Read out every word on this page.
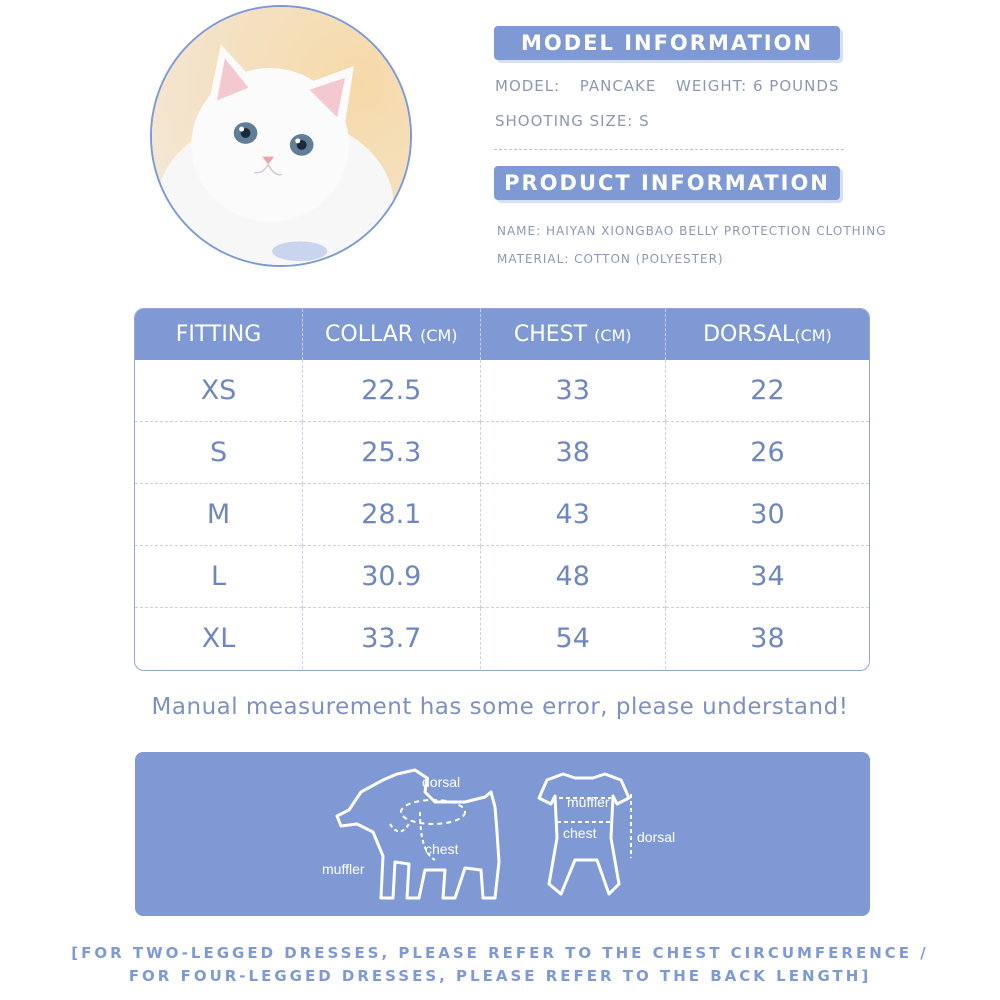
MODEL INFORMATION
MODEL: PANCAKE WEIGHT: 6 POUNDS
SHOOTING SIZE: S
PRODUCT INFORMATION
NAME: HAIYAN XIONGBAO BELLY PROTECTION CLOTHING
MATERIAL: COTTON (POLYESTER)
FITTING	COLLAR (CM)	CHEST (CM)	DORSAL(CM)
XS	22.5	33	22
S	25.3	38	26
M	28.1	43	30
L	30.9	48	34
XL	33.7	54	38
Manual measurement has some error, please understand!
dorsal
chest
muffler
muffler
chest	dorsal
[FOR TWO-LEGGED DRESSES, PLEASE REFER TO THE CHEST CIRCUMFERENCE /
FOR FOUR-LEGGED DRESSES, PLEASE REFER TO THE BACK LENGTH]
